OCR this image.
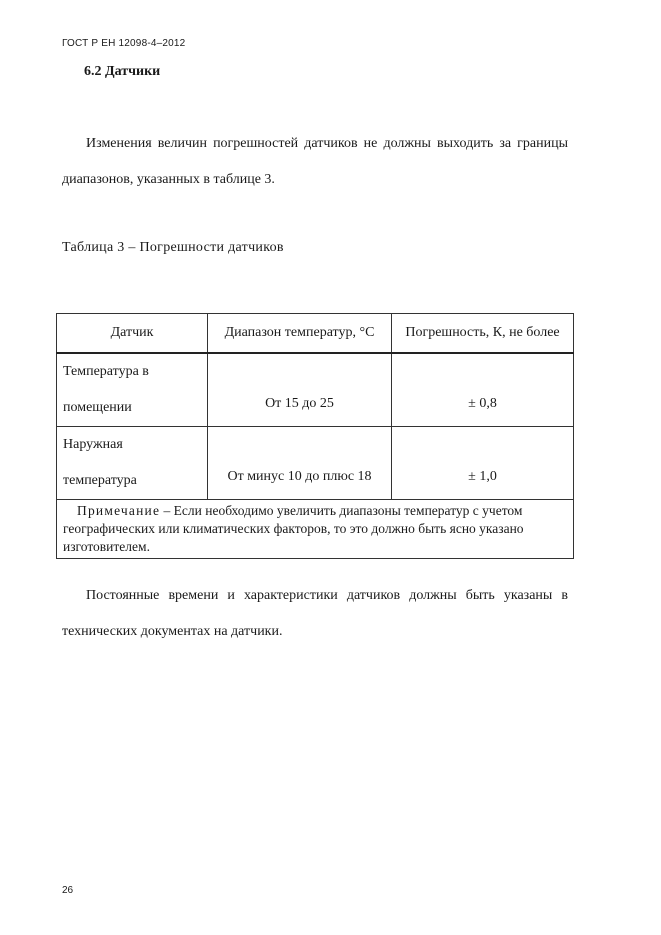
ГОСТ Р ЕН 12098-4–2012
6.2 Датчики
Изменения величин погрешностей датчиков не должны выходить за границы диапазонов, указанных в таблице 3.
Таблица 3 – Погрешности датчиков
Датчик	Диапазон температур, °С	Погрешность, К, не более

Температура в
помещении	От 15 до 25	± 0,8

Наружная
температура	От минус 10 до плюс 18	± 1,0
Примечание – Если необходимо увеличить диапазоны температур с учетом географических или климатических факторов, то это должно быть ясно указано изготовителем.		
Постоянные времени и характеристики датчиков должны быть указаны в технических документах на датчики.
26
